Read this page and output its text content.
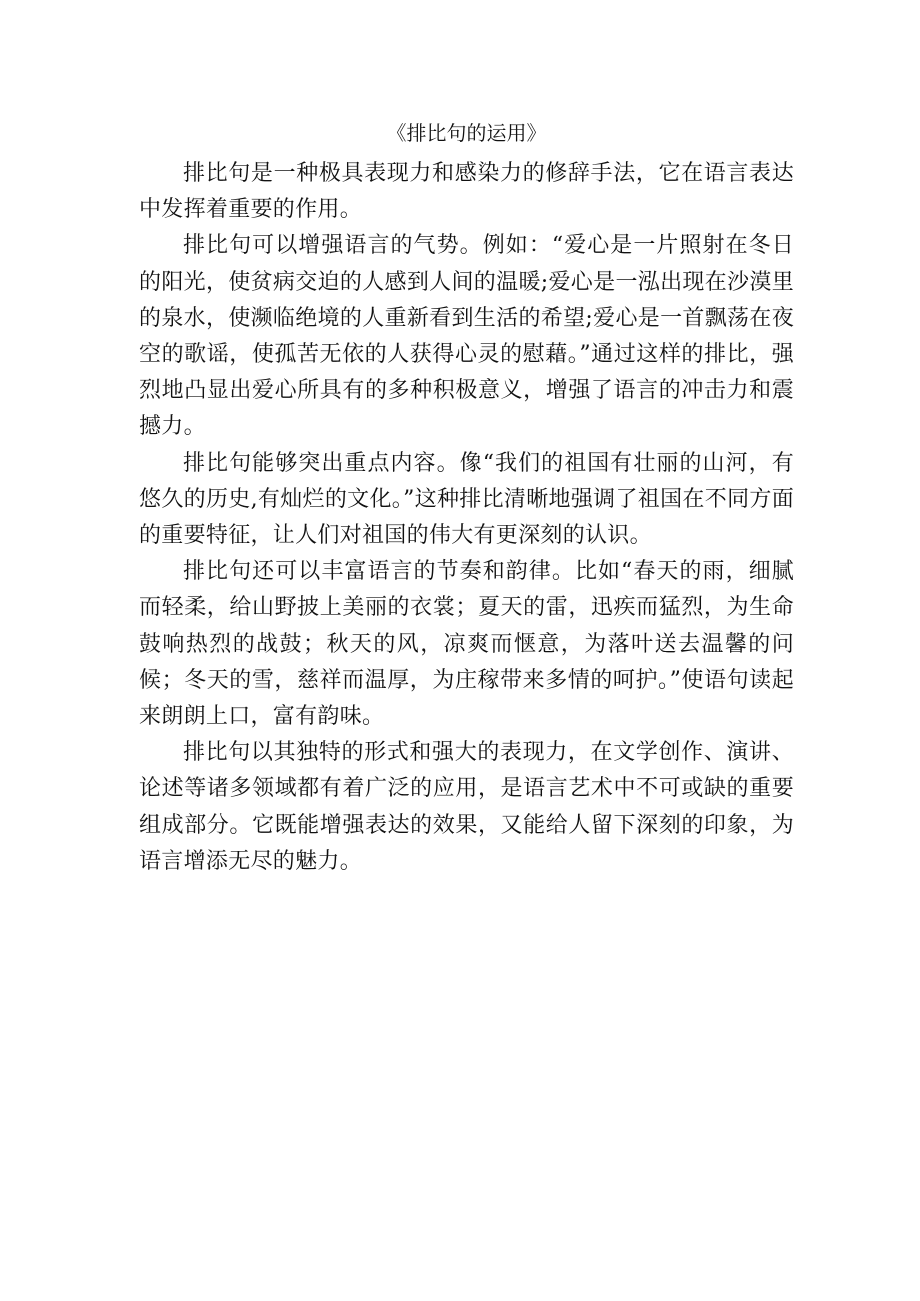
《排比句的运用》

排比句是一种极具表现力和感染力的修辞手法，它在语言表达中发挥着重要的作用。

排比句可以增强语言的气势。例如：“爱心是一片照射在冬日的阳光，使贫病交迫的人感到人间的温暖;爱心是一泓出现在沙漠里的泉水，使濒临绝境的人重新看到生活的希望;爱心是一首飘荡在夜空的歌谣，使孤苦无依的人获得心灵的慰藉。”通过这样的排比，强烈地凸显出爱心所具有的多种积极意义，增强了语言的冲击力和震撼力。

排比句能够突出重点内容。像“我们的祖国有壮丽的山河，有悠久的历史,有灿烂的文化。”这种排比清晰地强调了祖国在不同方面的重要特征，让人们对祖国的伟大有更深刻的认识。

排比句还可以丰富语言的节奏和韵律。比如“春天的雨，细腻而轻柔，给山野披上美丽的衣裳；夏天的雷，迅疾而猛烈，为生命鼓响热烈的战鼓；秋天的风，凉爽而惬意，为落叶送去温馨的问候；冬天的雪，慈祥而温厚，为庄稼带来多情的呵护。”使语句读起来朗朗上口，富有韵味。

排比句以其独特的形式和强大的表现力，在文学创作、演讲、论述等诸多领域都有着广泛的应用，是语言艺术中不可或缺的重要组成部分。它既能增强表达的效果，又能给人留下深刻的印象，为语言增添无尽的魅力。
